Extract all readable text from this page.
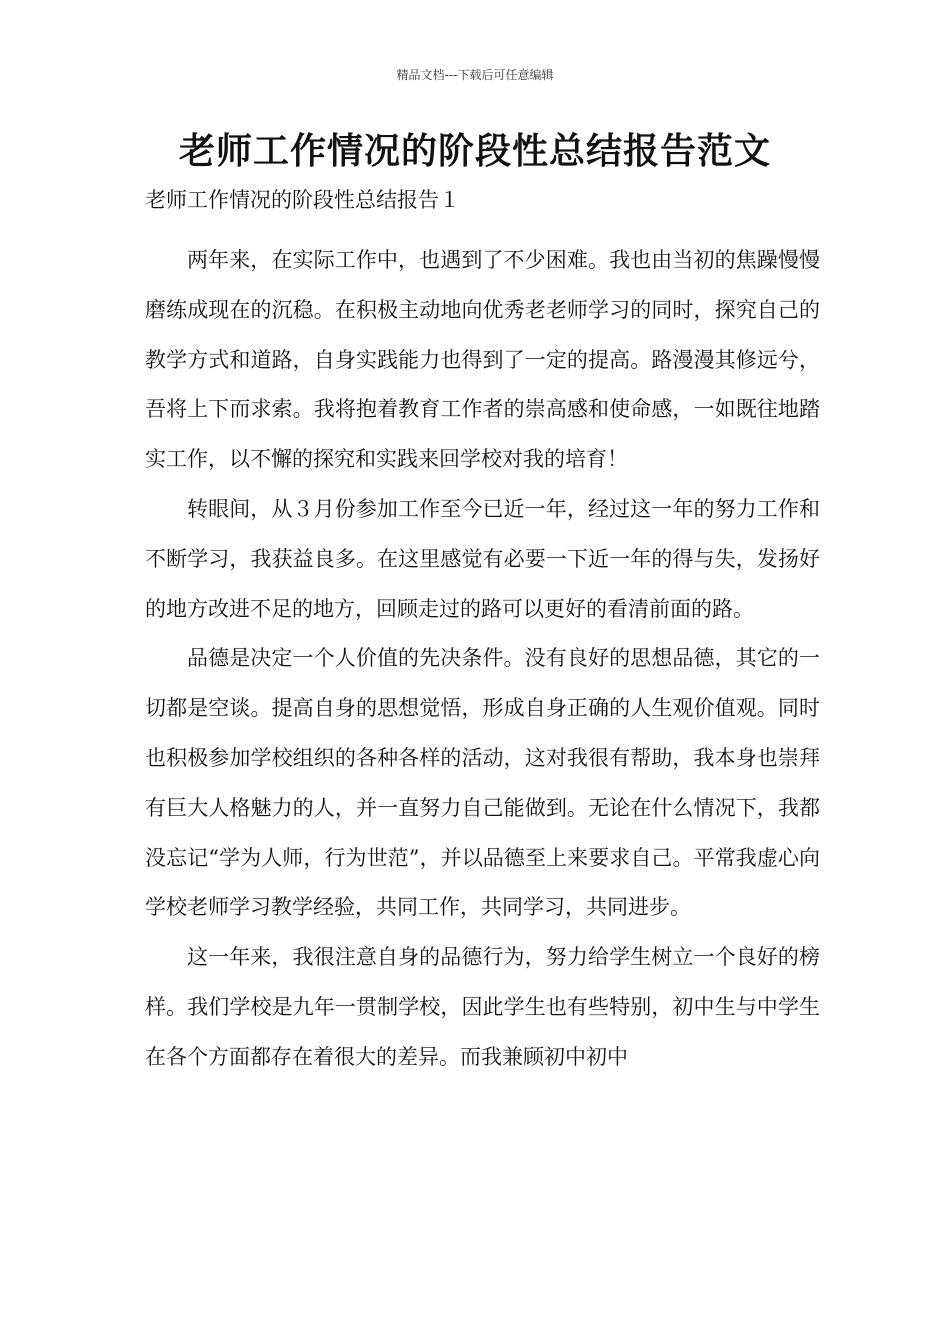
精品文档---下载后可任意编辑
老师工作情况的阶段性总结报告范文

老师工作情况的阶段性总结报告１

两年来，在实际工作中，也遇到了不少困难。我也由当初的焦躁慢慢磨练成现在的沉稳。在积极主动地向优秀老老师学习的同时，探究自己的教学方式和道路，自身实践能力也得到了一定的提高。路漫漫其修远兮，吾将上下而求索。我将抱着教育工作者的崇高感和使命感，一如既往地踏实工作，以不懈的探究和实践来回学校对我的培育！

转眼间，从３月份参加工作至今已近一年，经过这一年的努力工作和不断学习，我获益良多。在这里感觉有必要一下近一年的得与失，发扬好的地方改进不足的地方，回顾走过的路可以更好的看清前面的路。

品德是决定一个人价值的先决条件。没有良好的思想品德，其它的一切都是空谈。提高自身的思想觉悟，形成自身正确的人生观价值观。同时也积极参加学校组织的各种各样的活动，这对我很有帮助，我本身也崇拜有巨大人格魅力的人，并一直努力自己能做到。无论在什么情况下，我都没忘记“学为人师，行为世范”，并以品德至上来要求自己。平常我虚心向学校老师学习教学经验，共同工作，共同学习，共同进步。

这一年来，我很注意自身的品德行为，努力给学生树立一个良好的榜样。我们学校是九年一贯制学校，因此学生也有些特别，初中生与中学生在各个方面都存在着很大的差异。而我兼顾初中初中
